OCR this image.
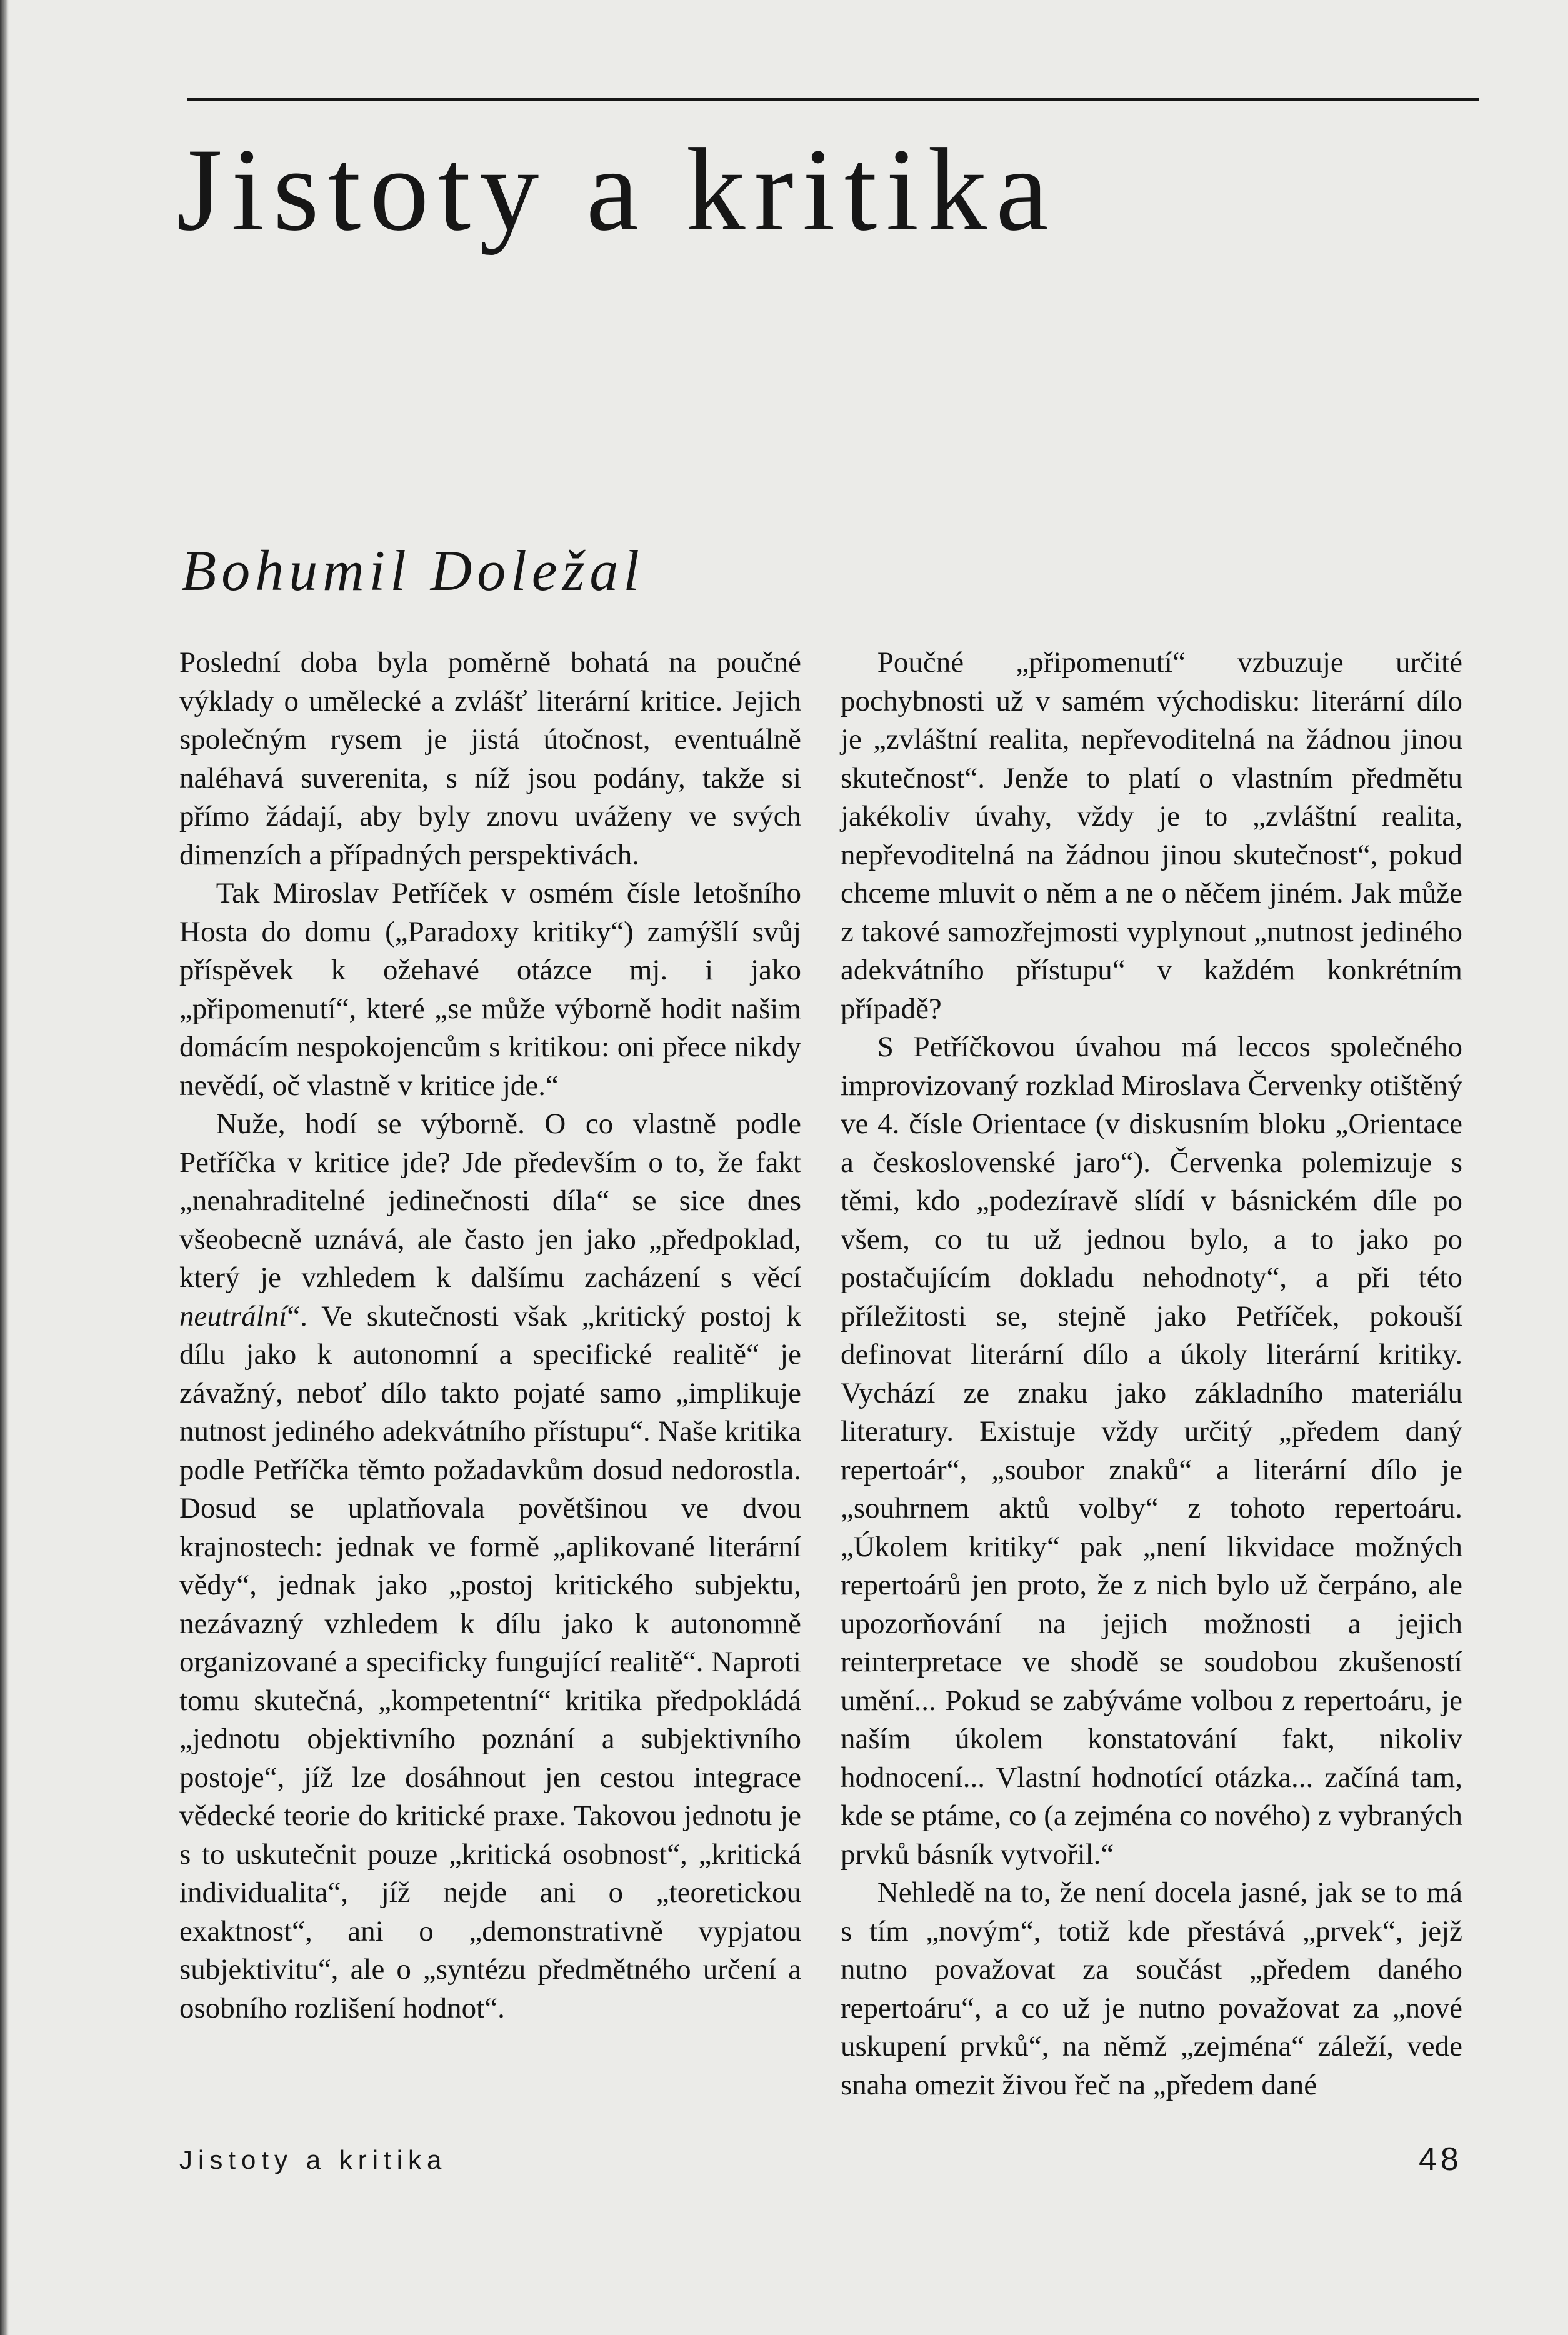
Jistoty a kritika
Bohumil Doležal

Poslední doba byla poměrně bohatá na poučné výklady o umělecké a zvlášť literární kritice. Jejich společným rysem je jistá útočnost, eventuálně naléhavá suverenita, s níž jsou podány, takže si přímo žádají, aby byly znovu uváženy ve svých dimenzích a případných perspektivách.

Tak Miroslav Petříček v osmém čísle letošního Hosta do domu („Paradoxy kritiky“) zamýšlí svůj příspěvek k ožehavé otázce mj. i jako „připomenutí“, které „se může výborně hodit našim domácím nespokojencům s kritikou: oni přece nikdy nevědí, oč vlastně v kritice jde.“

Nuže, hodí se výborně. O co vlastně podle Petříčka v kritice jde? Jde především o to, že fakt „nenahraditelné jedinečnosti díla“ se sice dnes všeobecně uznává, ale často jen jako „předpoklad, který je vzhledem k dalšímu zacházení s věcí neutrální“. Ve skutečnosti však „kritický postoj k dílu jako k autonomní a specifické realitě“ je závažný, neboť dílo takto pojaté samo „implikuje nutnost jediného adekvátního přístupu“. Naše kritika podle Petříčka těmto požadavkům dosud nedorostla. Dosud se uplatňovala povětšinou ve dvou krajnostech: jednak ve formě „aplikované literární vědy“, jednak jako „postoj kritického subjektu, nezávazný vzhledem k dílu jako k autonomně organizované a specificky fungující realitě“. Naproti tomu skutečná, „kompetentní“ kritika předpokládá „jednotu objektivního poznání a subjektivního postoje“, jíž lze dosáhnout jen cestou integrace vědecké teorie do kritické praxe. Takovou jednotu je s to uskutečnit pouze „kritická osobnost“, „kritická individualita“, jíž nejde ani o „teoretickou exaktnost“, ani o „demonstrativně vypjatou subjektivitu“, ale o „syntézu předmětného určení a osobního rozlišení hodnot“.

Poučné „připomenutí“ vzbuzuje určité pochybnosti už v samém východisku: literární dílo je „zvláštní realita, nepřevoditelná na žádnou jinou skutečnost“. Jenže to platí o vlastním předmětu jakékoliv úvahy, vždy je to „zvláštní realita, nepřevoditelná na žádnou jinou skutečnost“, pokud chceme mluvit o něm a ne o něčem jiném. Jak může z takové samozřejmosti vyplynout „nutnost jediného adekvátního přístupu“ v každém konkrétním případě?

S Petříčkovou úvahou má leccos společného improvizovaný rozklad Miroslava Červenky otištěný ve 4. čísle Orientace (v diskusním bloku „Orientace a československé jaro“). Červenka polemizuje s těmi, kdo „podezíravě slídí v básnickém díle po všem, co tu už jednou bylo, a to jako po postačujícím dokladu nehodnoty“, a při této příležitosti se, stejně jako Petříček, pokouší definovat literární dílo a úkoly literární kritiky. Vychází ze znaku jako základního materiálu literatury. Existuje vždy určitý „předem daný repertoár“, „soubor znaků“ a literární dílo je „souhrnem aktů volby“ z tohoto repertoáru. „Úkolem kritiky“ pak „není likvidace možných repertoárů jen proto, že z nich bylo už čerpáno, ale upozorňování na jejich možnosti a jejich reinterpretace ve shodě se soudobou zkušeností umění... Pokud se zabýváme volbou z repertoáru, je naším úkolem konstatování fakt, nikoliv hodnocení... Vlastní hodnotící otázka... začíná tam, kde se ptáme, co (a zejména co nového) z vybraných prvků básník vytvořil.“

Nehledě na to, že není docela jasné, jak se to má s tím „novým“, totiž kde přestává „prvek“, jejž nutno považovat za součást „předem daného repertoáru“, a co už je nutno považovat za „nové uskupení prvků“, na němž „zejména“ záleží, vede snaha omezit živou řeč na „předem dané

Jistoty a kritika	48
